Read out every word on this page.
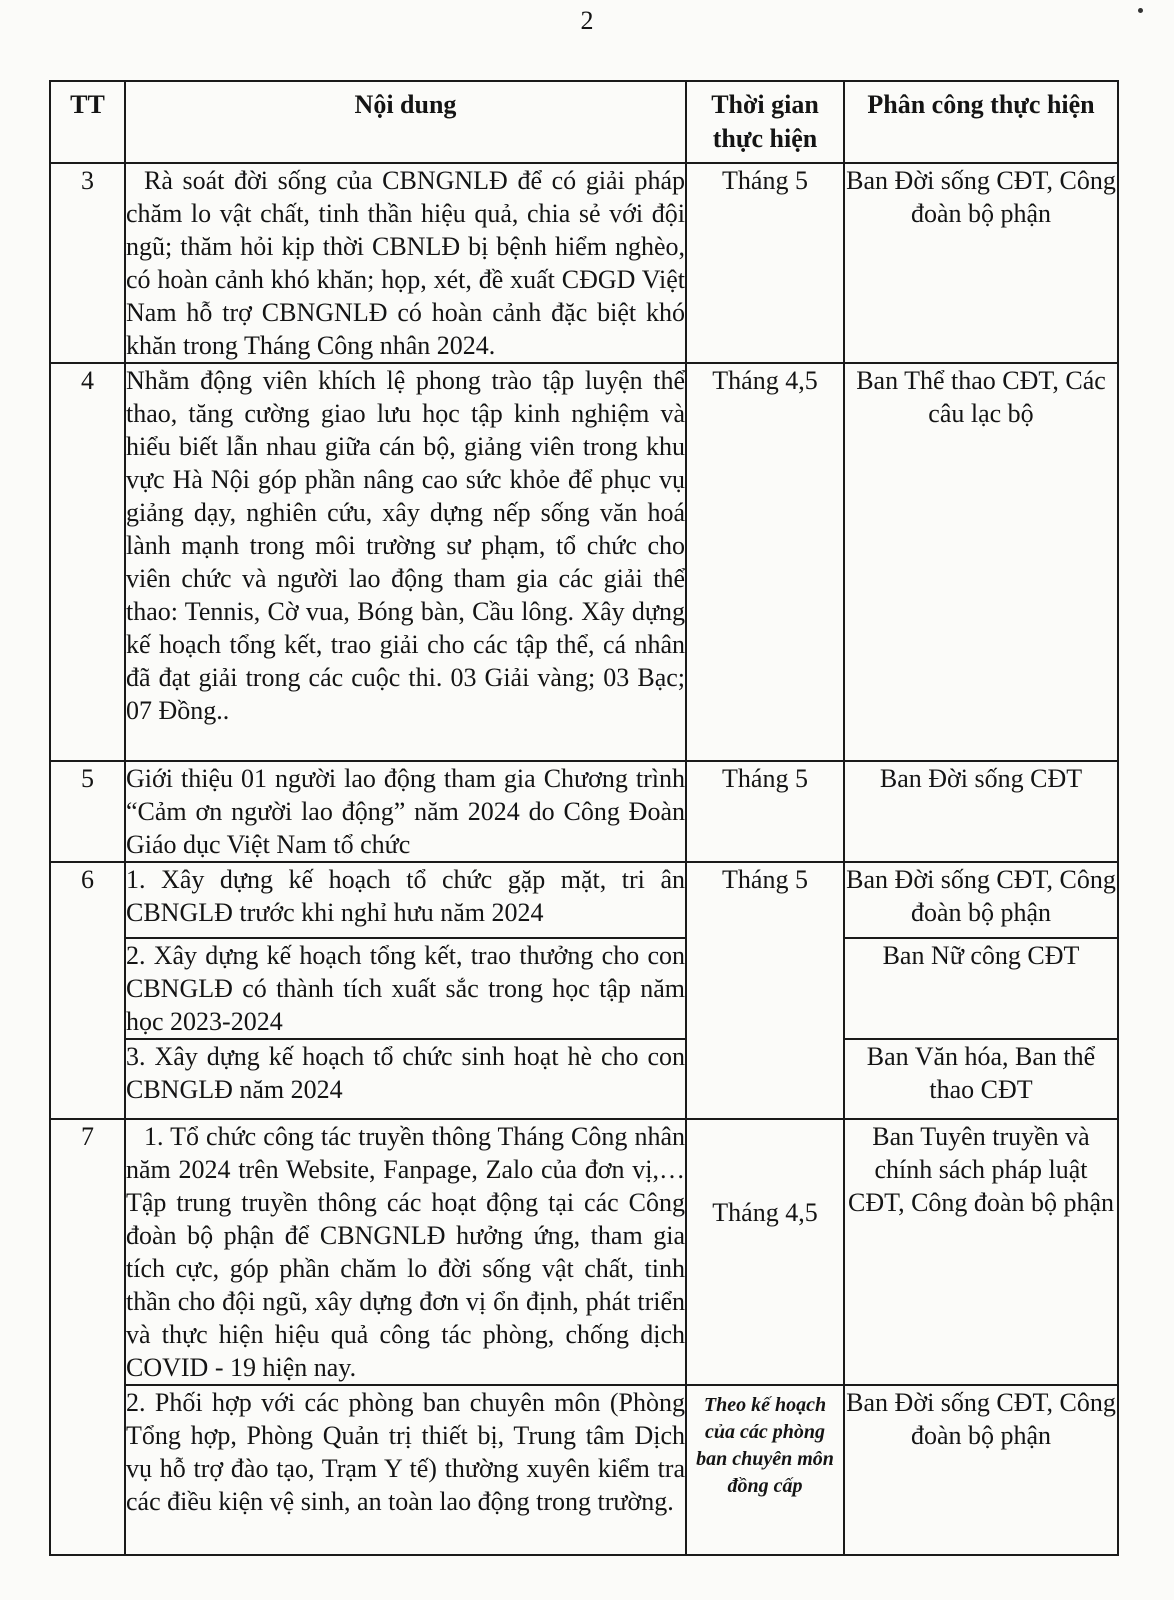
2
TT	Nội dung	Thời gian thực hiện	Phân công thực hiện

3	Rà soát đời sống của CBNGNLĐ để có giải pháp chăm lo vật chất, tinh thần hiệu quả, chia sẻ với đội ngũ; thăm hỏi kịp thời CBNLĐ bị bệnh hiểm nghèo, có hoàn cảnh khó khăn; họp, xét, đề xuất CĐGD Việt Nam hỗ trợ CBNGNLĐ có hoàn cảnh đặc biệt khó khăn trong Tháng Công nhân 2024.	Tháng 5	Ban Đời sống CĐT, Công đoàn bộ phận
4	Nhằm động viên khích lệ phong trào tập luyện thể thao, tăng cường giao lưu học tập kinh nghiệm và hiểu biết lẫn nhau giữa cán bộ, giảng viên trong khu vực Hà Nội góp phần nâng cao sức khỏe để phục vụ giảng dạy, nghiên cứu, xây dựng nếp sống văn hoá lành mạnh trong môi trường sư phạm, tổ chức cho viên chức và người lao động tham gia các giải thể thao: Tennis, Cờ vua, Bóng bàn, Cầu lông. Xây dựng kế hoạch tổng kết, trao giải cho các tập thể, cá nhân đã đạt giải trong các cuộc thi. 03 Giải vàng; 03 Bạc; 07 Đồng..	Tháng 4,5	Ban Thể thao CĐT, Các câu lạc bộ
5	Giới thiệu 01 người lao động tham gia Chương trình “Cảm ơn người lao động” năm 2024 do Công Đoàn Giáo dục Việt Nam tổ chức	Tháng 5	Ban Đời sống CĐT
6	1. Xây dựng kế hoạch tổ chức gặp mặt, tri ân CBNGLĐ trước khi nghỉ hưu năm 2024	Tháng 5	Ban Đời sống CĐT, Công đoàn bộ phận
	2. Xây dựng kế hoạch tổng kết, trao thưởng cho con CBNGLĐ có thành tích xuất sắc trong học tập năm học 2023-2024		Ban Nữ công CĐT
	3. Xây dựng kế hoạch tổ chức sinh hoạt hè cho con CBNGLĐ năm 2024		Ban Văn hóa, Ban thể thao CĐT
7	1. Tổ chức công tác truyền thông Tháng Công nhân năm 2024 trên Website, Fanpage, Zalo của đơn vị,…Tập trung truyền thông các hoạt động tại các Công đoàn bộ phận để CBNGNLĐ hưởng ứng, tham gia tích cực, góp phần chăm lo đời sống vật chất, tinh thần cho đội ngũ, xây dựng đơn vị ổn định, phát triển và thực hiện hiệu quả công tác phòng, chống dịch COVID - 19 hiện nay.	Tháng 4,5	Ban Tuyên truyền và chính sách pháp luật CĐT, Công đoàn bộ phận
	2. Phối hợp với các phòng ban chuyên môn (Phòng Tổng hợp, Phòng Quản trị thiết bị, Trung tâm Dịch vụ hỗ trợ đào tạo, Trạm Y tế) thường xuyên kiểm tra các điều kiện vệ sinh, an toàn lao động trong trường.	Theo kế hoạch của các phòng ban chuyên môn đồng cấp	Ban Đời sống CĐT, Công đoàn bộ phận
